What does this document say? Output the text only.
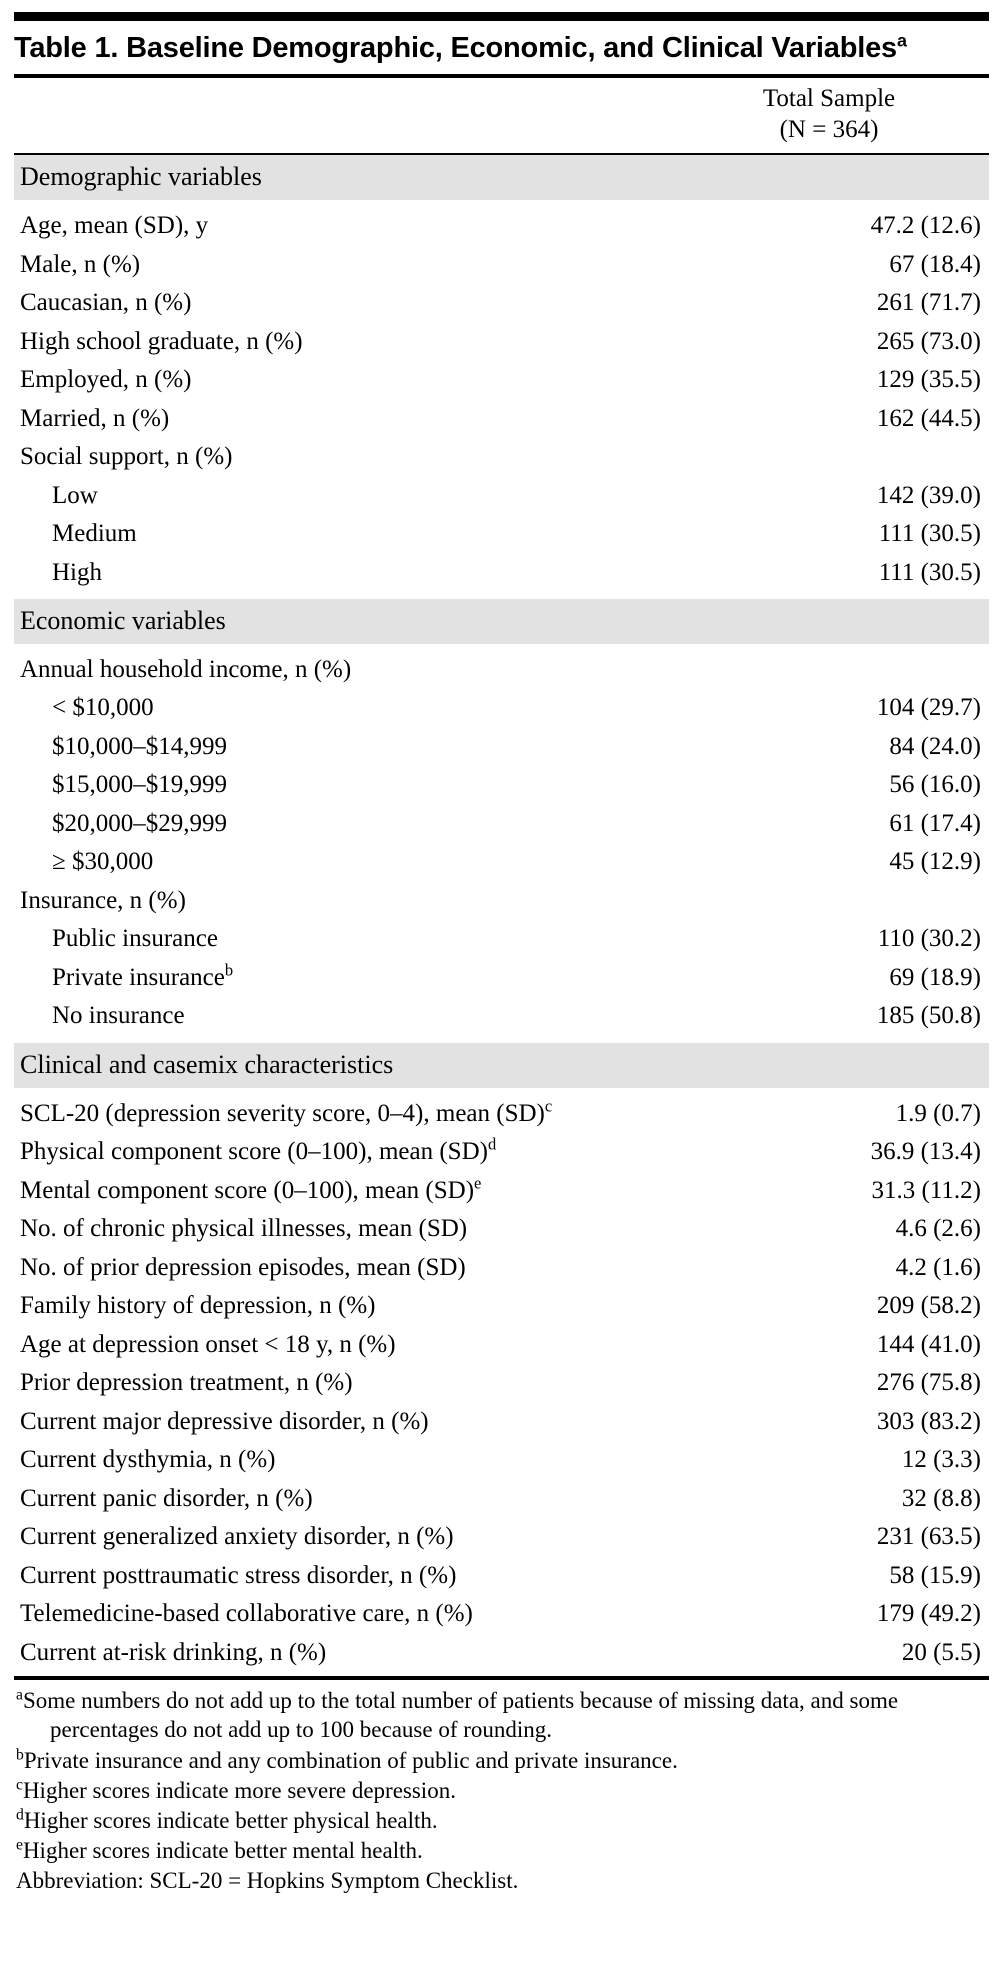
Table 1. Baseline Demographic, Economic, and Clinical Variables$^a$
	Total Sample
(N = 364)
Demographic variables	

Age, mean (SD), y	47.2 (12.6)
Male, n (%)	67 (18.4)
Caucasian, n (%)	261 (71.7)
High school graduate, n (%)	265 (73.0)
Employed, n (%)	129 (35.5)
Married, n (%)	162 (44.5)
Social support, n (%)	
Low	142 (39.0)
Medium	111 (30.5)
High	111 (30.5)

Economic variables	

Annual household income, n (%)	
< $10,000	104 (29.7)
$10,000–$14,999	84 (24.0)
$15,000–$19,999	56 (16.0)
$20,000–$29,999	61 (17.4)
≥ $30,000	45 (12.9)
Insurance, n (%)	
Public insurance	110 (30.2)
Private insurance$^b$	69 (18.9)
No insurance	185 (50.8)

Clinical and casemix characteristics	

SCL-20 (depression severity score, 0–4), mean (SD)$^c$	1.9 (0.7)
Physical component score (0–100), mean (SD)$^d$	36.9 (13.4)
Mental component score (0–100), mean (SD)$^e$	31.3 (11.2)
No. of chronic physical illnesses, mean (SD)	4.6 (2.6)
No. of prior depression episodes, mean (SD)	4.2 (1.6)
Family history of depression, n (%)	209 (58.2)
Age at depression onset < 18 y, n (%)	144 (41.0)
Prior depression treatment, n (%)	276 (75.8)
Current major depressive disorder, n (%)	303 (83.2)
Current dysthymia, n (%)	12 (3.3)
Current panic disorder, n (%)	32 (8.8)
Current generalized anxiety disorder, n (%)	231 (63.5)
Current posttraumatic stress disorder, n (%)	58 (15.9)
Telemedicine-based collaborative care, n (%)	179 (49.2)
Current at-risk drinking, n (%)	20 (5.5)
$^a$Some numbers do not add up to the total number of patients because of missing data, and some percentages do not add up to 100 because of rounding.
$^b$Private insurance and any combination of public and private insurance.
$^c$Higher scores indicate more severe depression.
$^d$Higher scores indicate better physical health.
$^e$Higher scores indicate better mental health.
Abbreviation: SCL-20 = Hopkins Symptom Checklist.
